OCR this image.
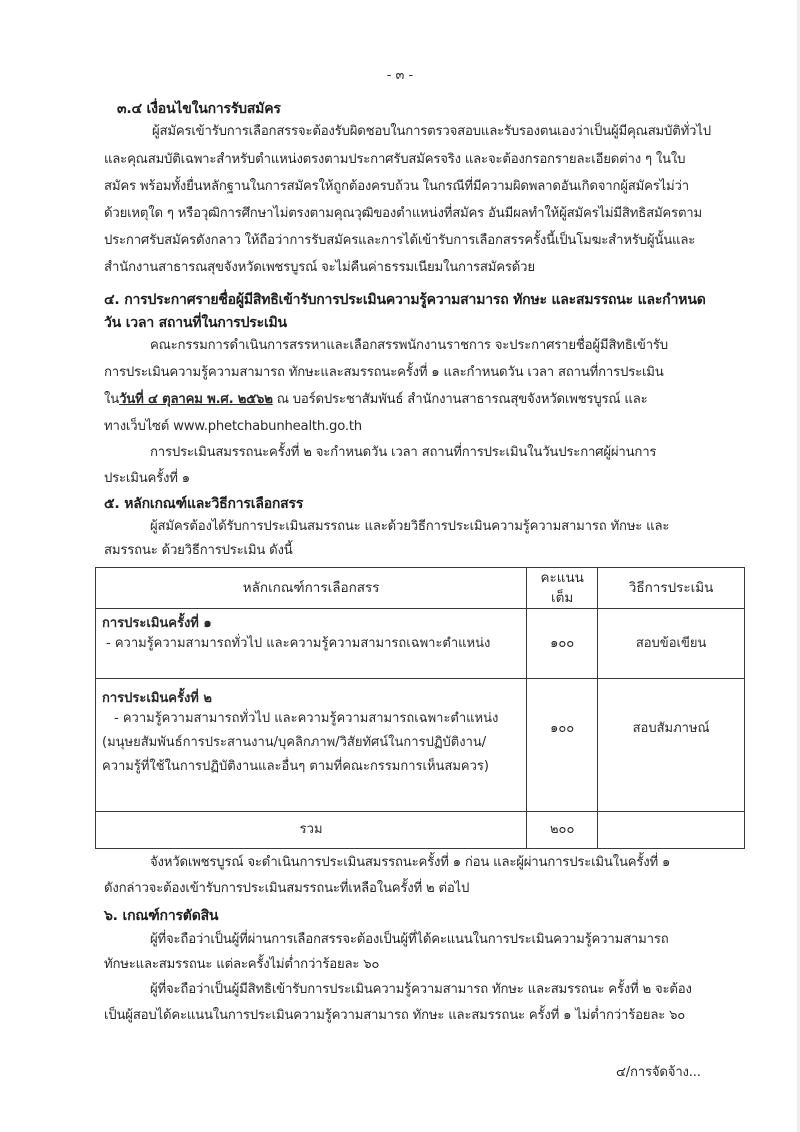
- ๓ -
๓.๔ เงื่อนไขในการรับสมัคร
ผู้สมัครเข้ารับการเลือกสรรจะต้องรับผิดชอบในการตรวจสอบและรับรองตนเองว่าเป็นผู้มีคุณสมบัติทั่วไป
และคุณสมบัติเฉพาะสำหรับตำแหน่งตรงตามประกาศรับสมัครจริง และจะต้องกรอกรายละเอียดต่าง ๆ ในใบ
สมัคร พร้อมทั้งยื่นหลักฐานในการสมัครให้ถูกต้องครบถ้วน ในกรณีที่มีความผิดพลาดอันเกิดจากผู้สมัครไม่ว่า
ด้วยเหตุใด ๆ หรือวุฒิการศึกษาไม่ตรงตามคุณวุฒิของตำแหน่งที่สมัคร อันมีผลทำให้ผู้สมัครไม่มีสิทธิสมัครตาม
ประกาศรับสมัครดังกลาว ให้ถือว่าการรับสมัครและการได้เข้ารับการเลือกสรรครั้งนี้เป็นโมฆะสำหรับผู้นั้นและ
สำนักงานสาธารณสุขจังหวัดเพชรบูรณ์ จะไม่คืนค่าธรรมเนียมในการสมัครด้วย
๔. การประกาศรายชื่อผู้มีสิทธิเข้ารับการประเมินความรู้ความสามารถ ทักษะ และสมรรถนะ และกำหนด
วัน เวลา สถานที่ในการประเมิน
คณะกรรมการดำเนินการสรรหาและเลือกสรรพนักงานราชการ จะประกาศรายชื่อผู้มีสิทธิเข้ารับ
การประเมินความรู้ความสามารถ ทักษะและสมรรถนะครั้งที่ ๑ และกำหนดวัน เวลา สถานที่การประเมิน
ในวันที่ ๔ ตุลาคม พ.ศ. ๒๕๖๒ ณ บอร์ดประชาสัมพันธ์ สำนักงานสาธารณสุขจังหวัดเพชรบูรณ์ และ
ทางเว็บไซต์ www.phetchabunhealth.go.th
การประเมินสมรรถนะครั้งที่ ๒ จะกำหนดวัน เวลา สถานที่การประเมินในวันประกาศผู้ผ่านการ
ประเมินครั้งที่ ๑
๕. หลักเกณฑ์และวิธีการเลือกสรร
ผู้สมัครต้องได้รับการประเมินสมรรถนะ และด้วยวิธีการประเมินความรู้ความสามารถ ทักษะ และ
สมรรถนะ ด้วยวิธีการประเมิน ดังนี้
หลักเกณฑ์การเลือกสรร	คะแนนเต็ม	วิธีการประเมิน

การประเมินครั้งที่ ๑
- ความรู้ความสามารถทั่วไป และความรู้ความสามารถเฉพาะตำแหน่ง	๑๐๐	สอบข้อเขียน

การประเมินครั้งที่ ๒
- ความรู้ความสามารถทั่วไป และความรู้ความสามารถเฉพาะตำแหน่ง
(มนุษยสัมพันธ์การประสานงาน/บุคลิกภาพ/วิสัยทัศน์ในการปฏิบัติงาน/
ความรู้ที่ใช้ในการปฏิบัติงานและอื่นๆ ตามที่คณะกรรมการเห็นสมควร)	๑๐๐	สอบสัมภาษณ์
รวม	๒๐๐	
จังหวัดเพชรบูรณ์ จะดำเนินการประเมินสมรรถนะครั้งที่ ๑ ก่อน และผู้ผ่านการประเมินในครั้งที่ ๑
ดังกล่าวจะต้องเข้ารับการประเมินสมรรถนะที่เหลือในครั้งที่ ๒ ต่อไป
๖. เกณฑ์การตัดสิน
ผู้ที่จะถือว่าเป็นผู้ที่ผ่านการเลือกสรรจะต้องเป็นผู้ที่ได้คะแนนในการประเมินความรู้ความสามารถ
ทักษะและสมรรถนะ แต่ละครั้งไม่ต่ำกว่าร้อยละ ๖๐
ผู้ที่จะถือว่าเป็นผู้มีสิทธิเข้ารับการประเมินความรู้ความสามารถ ทักษะ และสมรรถนะ ครั้งที่ ๒ จะต้อง
เป็นผู้สอบได้คะแนนในการประเมินความรู้ความสามารถ ทักษะ และสมรรถนะ ครั้งที่ ๑ ไม่ต่ำกว่าร้อยละ ๖๐
๔/การจัดจ้าง...
